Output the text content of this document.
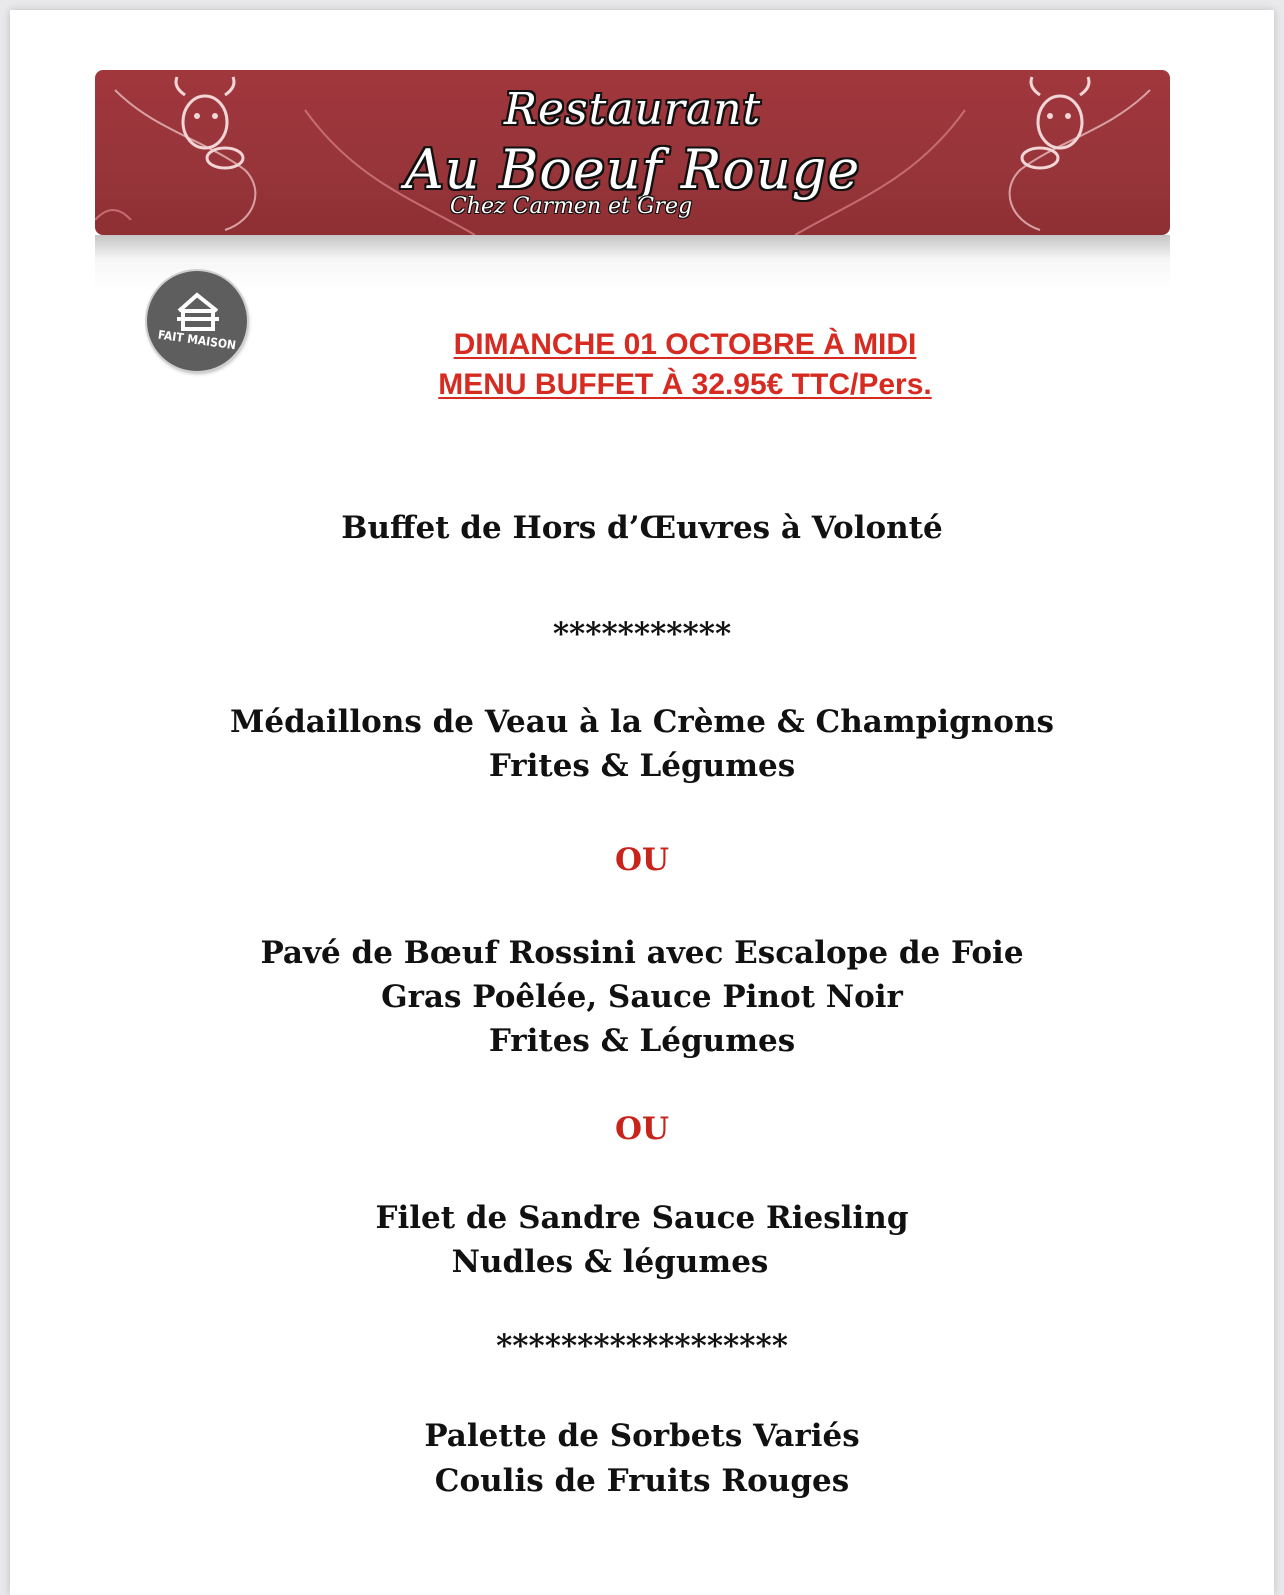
Restaurant
Au Boeuf Rouge
Chez Carmen et Greg
FAIT MAISON	DIMANCHE 01 OCTOBRE À MIDI
MENU BUFFET À 32.95€ TTC/Pers.
Buffet de Hors d’Œuvres à Volonté
***********
Médaillons de Veau à la Crème & Champignons
Frites & Légumes
OU
Pavé de Bœuf Rossini avec Escalope de Foie
Gras Poêlée, Sauce Pinot Noir
Frites & Légumes
OU
Filet de Sandre Sauce Riesling
Nudles & légumes
******************
Palette de Sorbets Variés
Coulis de Fruits Rouges
